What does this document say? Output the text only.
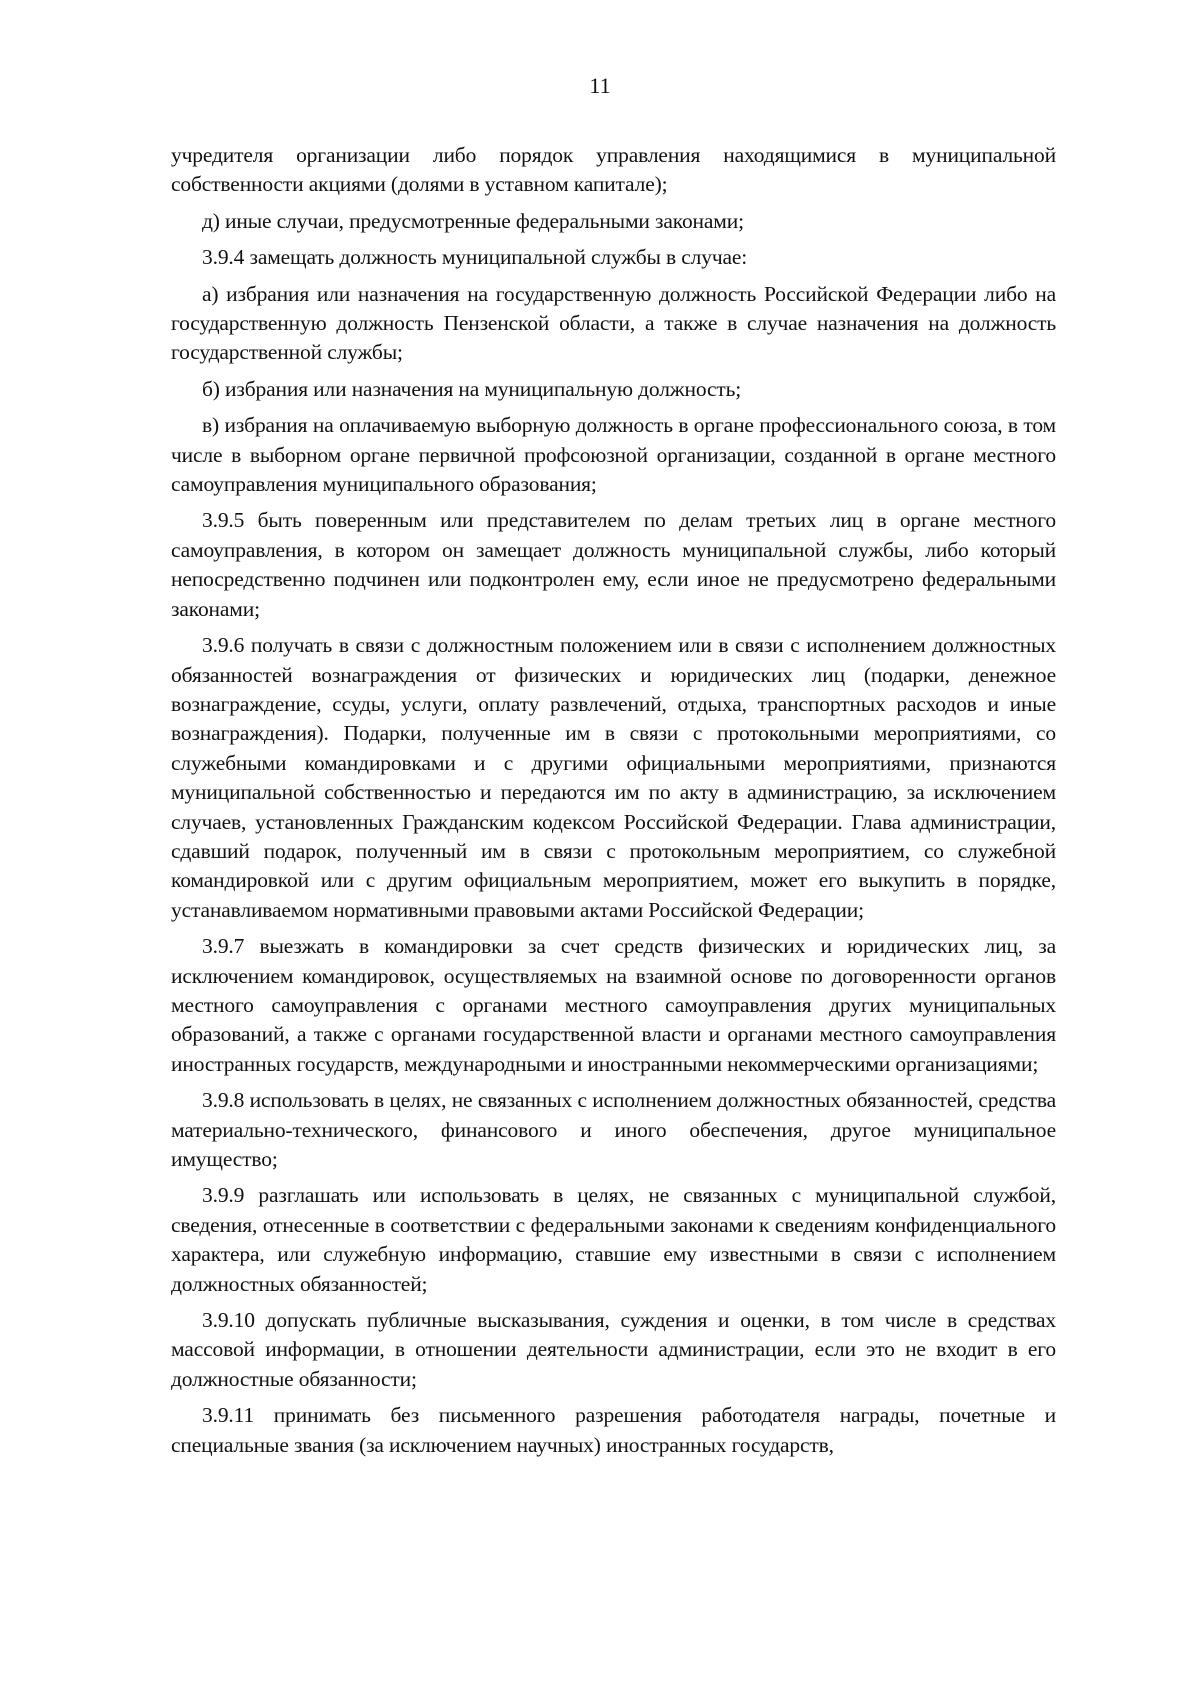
11

учредителя организации либо порядок управления находящимися в муниципальной собственности акциями (долями в уставном капитале);

д) иные случаи, предусмотренные федеральными законами;

3.9.4 замещать должность муниципальной службы в случае:

а) избрания или назначения на государственную должность Российской Федерации либо на государственную должность Пензенской области, а также в случае назначения на должность государственной службы;

б) избрания или назначения на муниципальную должность;

в) избрания на оплачиваемую выборную должность в органе профессионального союза, в том числе в выборном органе первичной профсоюзной организации, созданной в органе местного самоуправления муниципального образования;

3.9.5 быть поверенным или представителем по делам третьих лиц в органе местного самоуправления, в котором он замещает должность муниципальной службы, либо который непосредственно подчинен или подконтролен ему, если иное не предусмотрено федеральными законами;

3.9.6 получать в связи с должностным положением или в связи с исполнением должностных обязанностей вознаграждения от физических и юридических лиц (подарки, денежное вознаграждение, ссуды, услуги, оплату развлечений, отдыха, транспортных расходов и иные вознаграждения). Подарки, полученные им в связи с протокольными мероприятиями, со служебными командировками и с другими официальными мероприятиями, признаются муниципальной собственностью и передаются им по акту в администрацию, за исключением случаев, установленных Гражданским кодексом Российской Федерации. Глава администрации, сдавший подарок, полученный им в связи с протокольным мероприятием, со служебной командировкой или с другим официальным мероприятием, может его выкупить в порядке, устанавливаемом нормативными правовыми актами Российской Федерации;

3.9.7 выезжать в командировки за счет средств физических и юридических лиц, за исключением командировок, осуществляемых на взаимной основе по договоренности органов местного самоуправления с органами местного самоуправления других муниципальных образований, а также с органами государственной власти и органами местного самоуправления иностранных государств, международными и иностранными некоммерческими организациями;

3.9.8 использовать в целях, не связанных с исполнением должностных обязанностей, средства материально-технического, финансового и иного обеспечения, другое муниципальное имущество;

3.9.9 разглашать или использовать в целях, не связанных с муниципальной службой, сведения, отнесенные в соответствии с федеральными законами к сведениям конфиденциального характера, или служебную информацию, ставшие ему известными в связи с исполнением должностных обязанностей;

3.9.10 допускать публичные высказывания, суждения и оценки, в том числе в средствах массовой информации, в отношении деятельности администрации, если это не входит в его должностные обязанности;

3.9.11 принимать без письменного разрешения работодателя награды, почетные и специальные звания (за исключением научных) иностранных государств,
